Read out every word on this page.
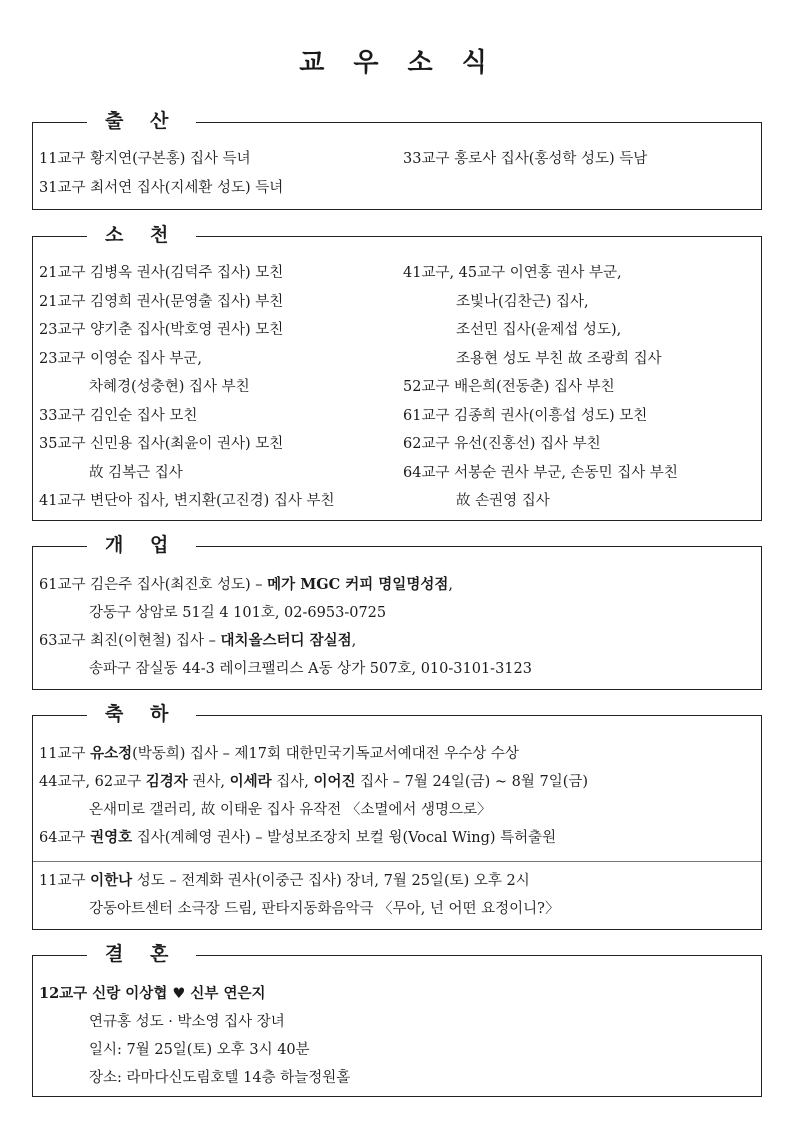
교 우 소 식
출 산
11교구 황지연(구본홍) 집사 득녀
31교구 최서연 집사(지세환 성도) 득녀
33교구 홍로사 집사(홍성학 성도) 득남
소 천
21교구 김병옥 권사(김덕주 집사) 모친
21교구 김영희 권사(문영출 집사) 부친
23교구 양기춘 집사(박호영 권사) 모친
23교구 이영순 집사 부군,
차혜경(성충현) 집사 부친
33교구 김인순 집사 모친
35교구 신민용 집사(최윤이 권사) 모친
故 김복근 집사
41교구 변단아 집사, 변지환(고진경) 집사 부친
41교구, 45교구 이연홍 권사 부군,
조빛나(김찬근) 집사,
조선민 집사(윤제섭 성도),
조용현 성도 부친 故 조광희 집사
52교구 배은희(전동춘) 집사 부친
61교구 김종희 권사(이흥섭 성도) 모친
62교구 유선(진홍선) 집사 부친
64교구 서봉순 권사 부군, 손동민 집사 부친
故 손권영 집사
개 업
61교구 김은주 집사(최진호 성도) – 메가 MGC 커피 명일명성점,
강동구 상암로 51길 4 101호, 02-6953-0725
63교구 최진(이현철) 집사 – 대치올스터디 잠실점,
송파구 잠실동 44-3 레이크팰리스 A동 상가 507호, 010-3101-3123
축 하
11교구 유소정(박동희) 집사 – 제17회 대한민국기독교서예대전 우수상 수상
44교구, 62교구 김경자 권사, 이세라 집사, 이어진 집사 – 7월 24일(금) ~ 8월 7일(금)
온새미로 갤러리, 故 이태운 집사 유작전 〈소멸에서 생명으로〉
64교구 권영호 집사(계혜영 권사) – 발성보조장치 보컬 윙(Vocal Wing) 특허출원
11교구 이한나 성도 – 전계화 권사(이중근 집사) 장녀, 7월 25일(토) 오후 2시
강동아트센터 소극장 드림, 판타지동화음악극 〈무아, 넌 어떤 요정이니?〉
결 혼
12교구 신랑 이상협 ♥ 신부 연은지
연규홍 성도 · 박소영 집사 장녀
일시: 7월 25일(토) 오후 3시 40분
장소: 라마다신도림호텔 14층 하늘정원홀
